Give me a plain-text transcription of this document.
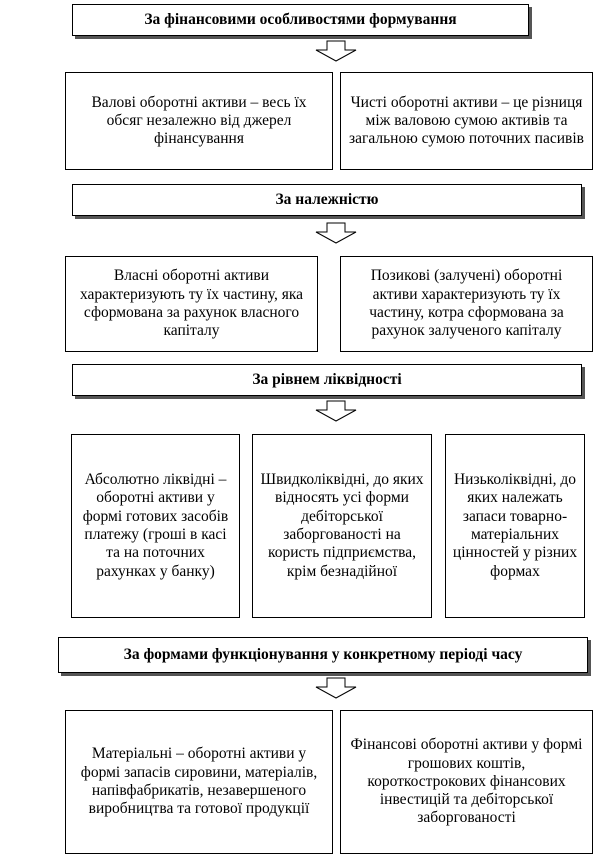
За фінансовими особливостями формування
Валові оборотні активи – весь їх обсяг незалежно від джерел фінансування
Чисті оборотні активи – це різниця між валовою сумою активів та загальною сумою поточних пасивів
За належністю
Власні оборотні активи характеризують ту їх частину, яка сформована за рахунок власного капіталу
Позикові (залучені) оборотні активи характеризують ту їх частину, котра сформована за рахунок залученого капіталу
За рівнем ліквідності
Абсолютно ліквідні – оборотні активи у формі готових засобів платежу (гроші в касі та на поточних рахунках у банку)
Швидколіквідні, до яких відносять усі форми дебіторської заборгованості на користь підприємства, крім безнадійної
Низьколіквідні, до яких належать запаси товарно-матеріальних цінностей у різних формах
За формами функціонування у конкретному періоді часу
Матеріальні – оборотні активи у формі запасів сировини, матеріалів, напівфабрикатів, незавершеного виробництва та готової продукції
Фінансові оборотні активи у формі грошових коштів, короткострокових фінансових інвестицій та дебіторської заборгованості
